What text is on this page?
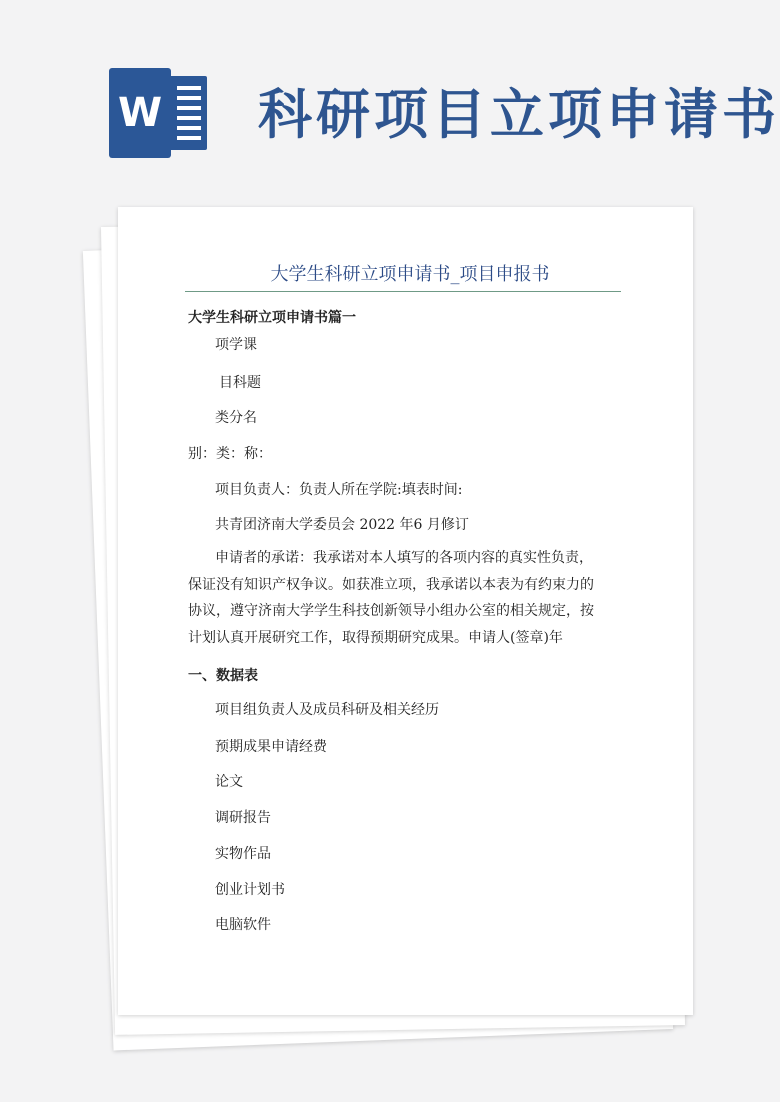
W 科研项目立项申请书
大学生科研立项申请书_项目申报书
大学生科研立项申请书篇一
项学课
目科题
类分名
别：类：称：
项目负责人：负责人所在学院:填表时间:
共青团济南大学委员会 2022 年6 月修订
申请者的承诺：我承诺对本人填写的各项内容的真实性负责，保证没有知识产权争议。如获准立项，我承诺以本表为有约束力的协议，遵守济南大学学生科技创新领导小组办公室的相关规定，按计划认真开展研究工作，取得预期研究成果。申请人(签章)年
一、数据表
项目组负责人及成员科研及相关经历
预期成果申请经费
论文
调研报告
实物作品
创业计划书
电脑软件
